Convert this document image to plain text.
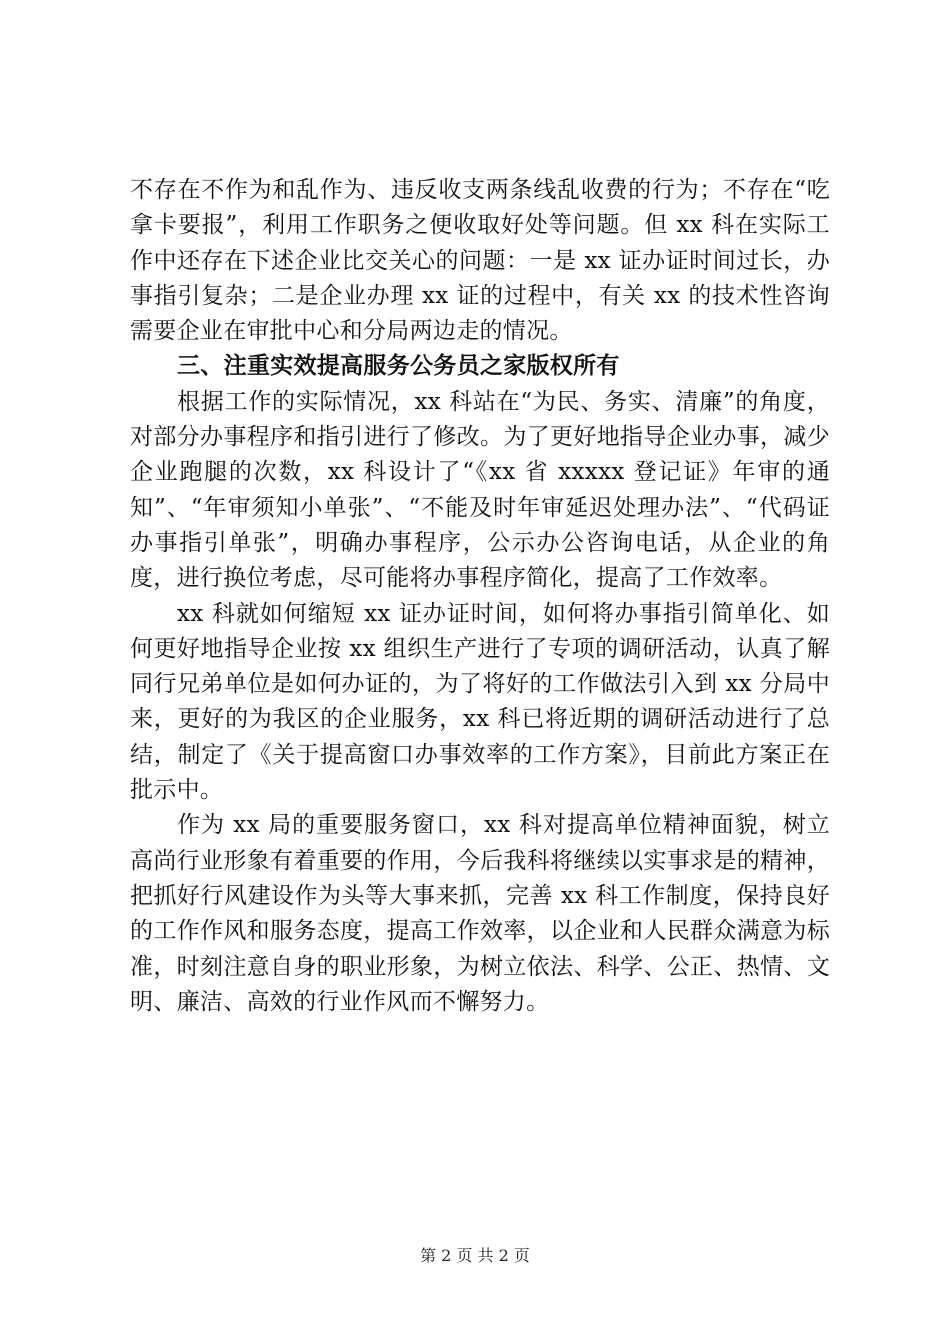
不存在不作为和乱作为、违反收支两条线乱收费的行为；不存在“吃拿卡要报”，利用工作职务之便收取好处等问题。但 xx 科在实际工作中还存在下述企业比交关心的问题：一是 xx 证办证时间过长，办事指引复杂；二是企业办理 xx 证的过程中，有关 xx 的技术性咨询需要企业在审批中心和分局两边走的情况。

三、注重实效提高服务公务员之家版权所有

根据工作的实际情况，xx 科站在“为民、务实、清廉”的角度，对部分办事程序和指引进行了修改。为了更好地指导企业办事，减少企业跑腿的次数，xx 科设计了“《xx 省 xxxxx 登记证》年审的通知”、“年审须知小单张”、“不能及时年审延迟处理办法”、“代码证办事指引单张”，明确办事程序，公示办公咨询电话，从企业的角度，进行换位考虑，尽可能将办事程序简化，提高了工作效率。

xx 科就如何缩短 xx 证办证时间，如何将办事指引简单化、如何更好地指导企业按 xx 组织生产进行了专项的调研活动，认真了解同行兄弟单位是如何办证的，为了将好的工作做法引入到 xx 分局中来，更好的为我区的企业服务，xx 科已将近期的调研活动进行了总结，制定了《关于提高窗口办事效率的工作方案》，目前此方案正在批示中。

作为 xx 局的重要服务窗口，xx 科对提高单位精神面貌，树立高尚行业形象有着重要的作用，今后我科将继续以实事求是的精神，把抓好行风建设作为头等大事来抓，完善 xx 科工作制度，保持良好的工作作风和服务态度，提高工作效率，以企业和人民群众满意为标准，时刻注意自身的职业形象，为树立依法、科学、公正、热情、文明、廉洁、高效的行业作风而不懈努力。

第 2 页 共 2 页
